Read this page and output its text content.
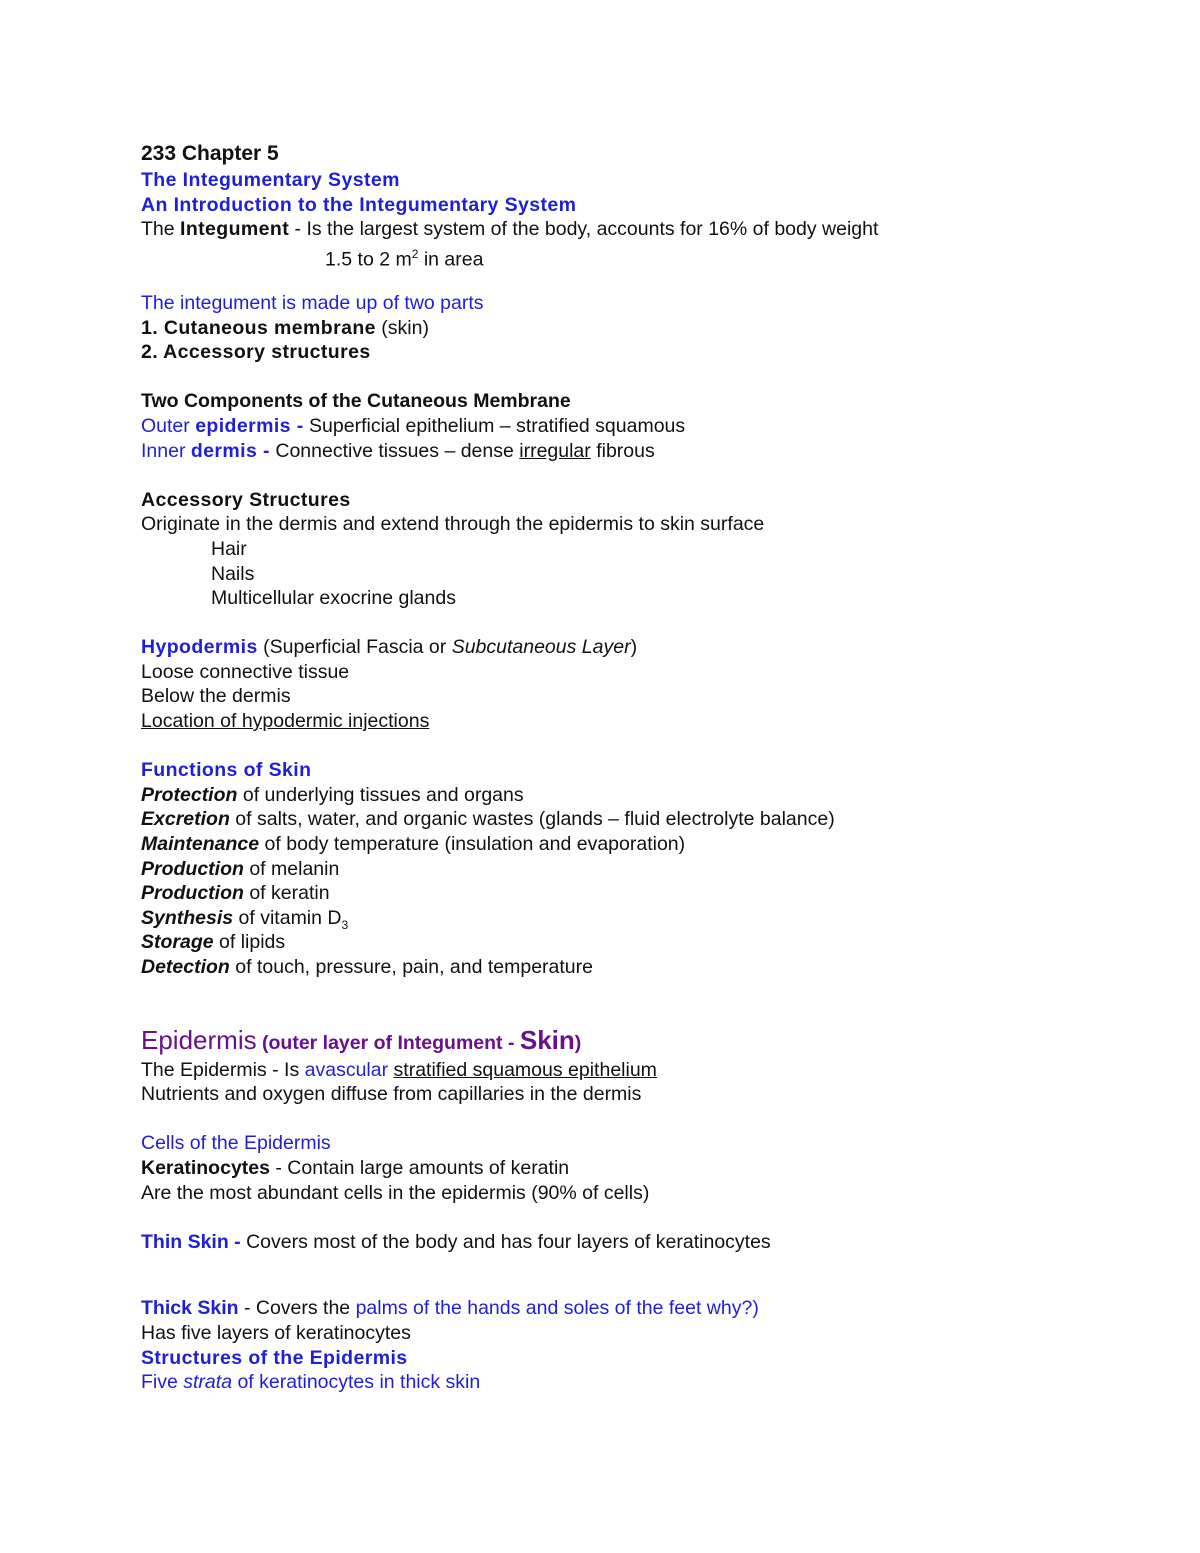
233 Chapter 5
The Integumentary System
An Introduction to the Integumentary System
The Integument - Is the largest system of the body, accounts for 16% of body weight
1.5 to 2 $m^2$ in area
The integument is made up of two parts
1. Cutaneous membrane (skin)
2. Accessory structures
Two Components of the Cutaneous Membrane
Outer epidermis - Superficial epithelium – stratified squamous
Inner dermis - Connective tissues – dense irregular fibrous
Accessory Structures
Originate in the dermis and extend through the epidermis to skin surface
Hair
Nails
Multicellular exocrine glands
Hypodermis (Superficial Fascia or Subcutaneous Layer)
Loose connective tissue
Below the dermis
Location of hypodermic injections
Functions of Skin
Protection of underlying tissues and organs
Excretion of salts, water, and organic wastes (glands – fluid electrolyte balance)
Maintenance of body temperature (insulation and evaporation)
Production of melanin
Production of keratin
Synthesis of vitamin $D_3$
Storage of lipids
Detection of touch, pressure, pain, and temperature
Epidermis (outer layer of Integument - Skin)
The Epidermis - Is avascular stratified squamous epithelium
Nutrients and oxygen diffuse from capillaries in the dermis
Cells of the Epidermis
Keratinocytes - Contain large amounts of keratin
Are the most abundant cells in the epidermis (90% of cells)
Thin Skin - Covers most of the body and has four layers of keratinocytes
Thick Skin - Covers the palms of the hands and soles of the feet why?)
Has five layers of keratinocytes
Structures of the Epidermis
Five strata of keratinocytes in thick skin
